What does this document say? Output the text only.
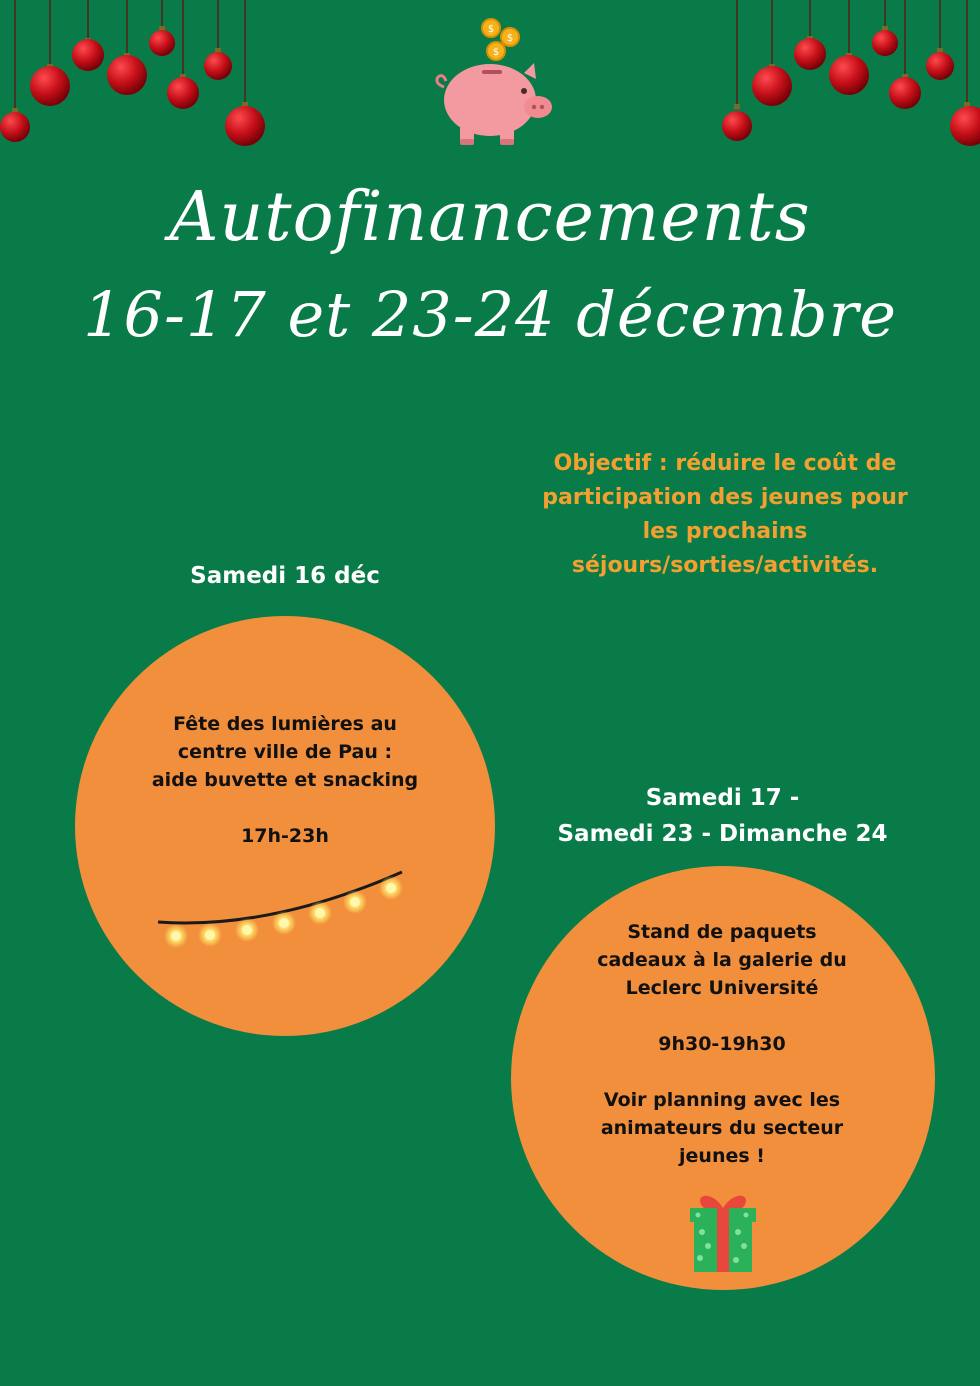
$
$
$
Autofinancements
16-17 et 23-24 décembre

Objectif : réduire le coût de participation des jeunes pour les prochains séjours/sorties/activités.

Samedi 16 déc

Fête des lumières au
centre ville de Pau :
aide buvette et snacking
17h-23h

Samedi 17 -
Samedi 23 - Dimanche 24

Stand de paquets
cadeaux à la galerie du
Leclerc Université
9h30-19h30
Voir planning avec les
animateurs du secteur
jeunes !
